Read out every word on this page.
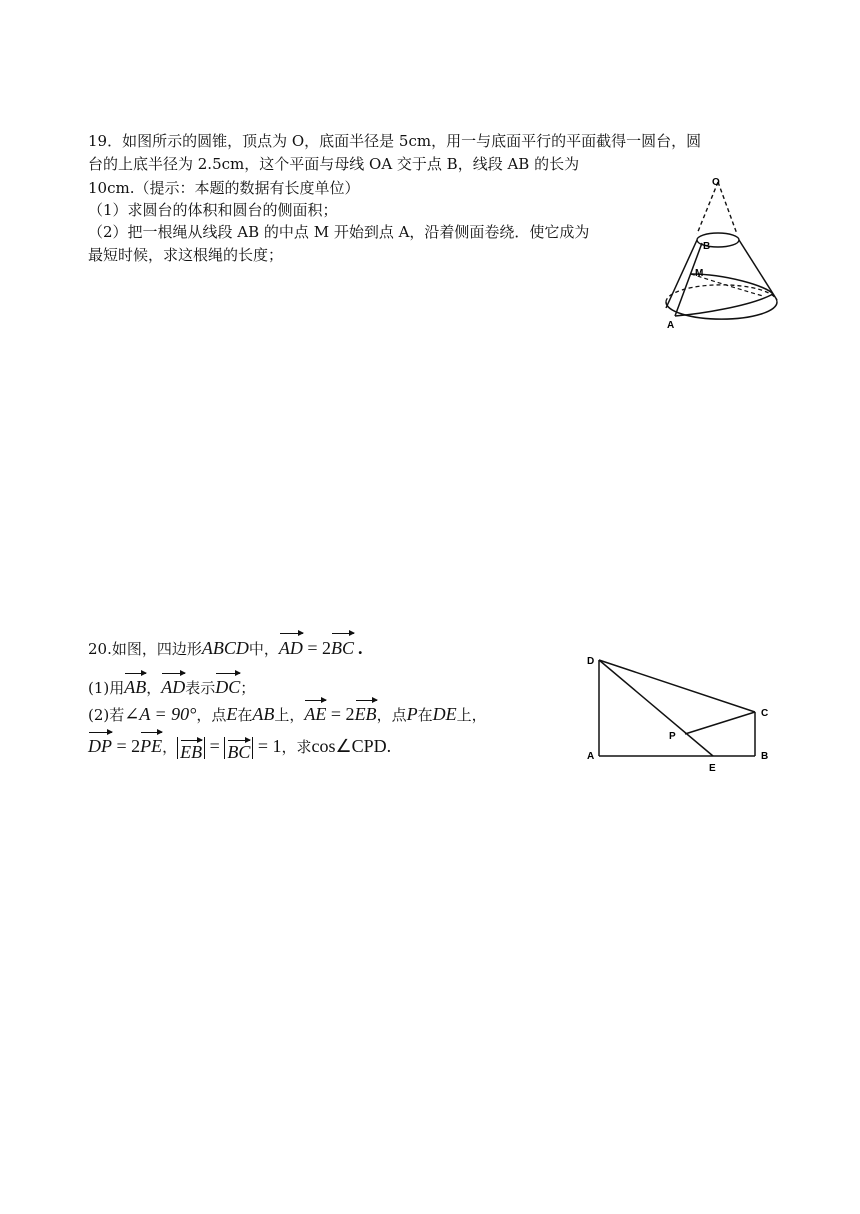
19．如图所示的圆锥，顶点为 O，底面半径是 5cm，用一与底面平行的平面截得一圆台，圆
台的上底半径为 2.5cm，这个平面与母线 OA 交于点 B，线段 AB 的长为
10cm.（提示：本题的数据有长度单位）
（1）求圆台的体积和圆台的侧面积；
（2）把一根绳从线段 AB 的中点 M 开始到点 A，沿着侧面卷绕．使它成为
最短时候，求这根绳的长度；
O
B
M
A
20.如图，四边形ABCD中，AD = 2BC .
(1)用AB，AD表示DC；
(2)若∠A = 90°，点E在AB上，AE = 2EB，点P在DE上，
DP = 2PE， EB = BC = 1，求cos∠CPD.
D
C
P
A
E
B
